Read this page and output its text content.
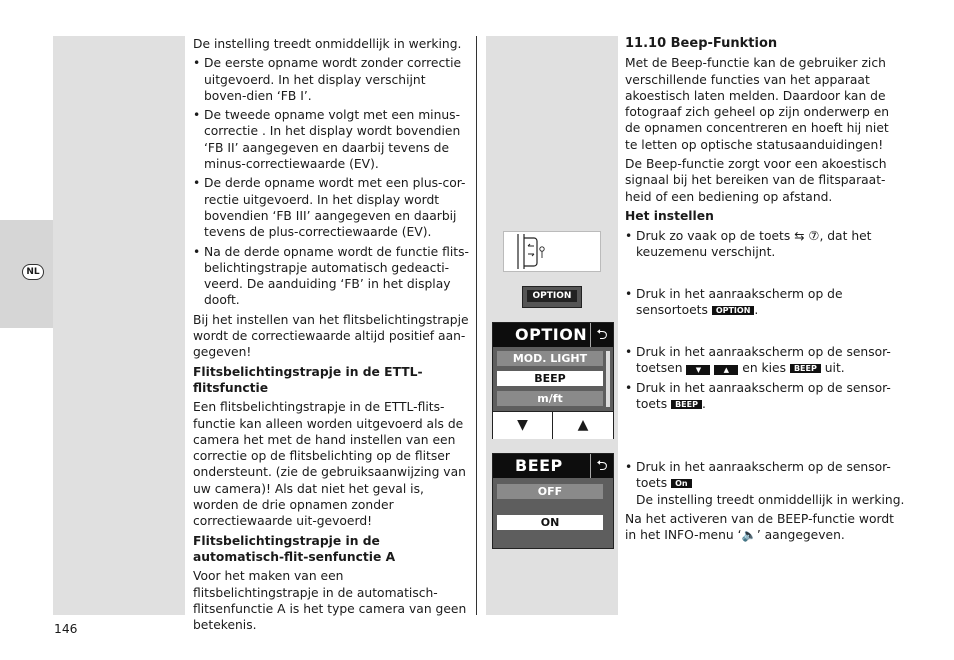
NL

De instelling treedt onmiddellijk in werking.

• De eerste opname wordt zonder correctie uitgevoerd. In het display verschijnt boven-dien ‘FB I’.
• De tweede opname volgt met een minus-correctie . In het display wordt bovendien ‘FB II’ aangegeven en daarbij tevens de minus-correctiewaarde (EV).
• De derde opname wordt met een plus-cor-rectie uitgevoerd. In het display wordt bovendien ‘FB III’ aangegeven en daarbij tevens de plus-correctiewaarde (EV).
• Na de derde opname wordt de functie flits-belichtingstrapje automatisch gedeacti-veerd. De aanduiding ‘FB’ in het display dooft.

Bij het instellen van het flitsbelichtingstrapje wordt de correctiewaarde altijd positief aan-gegeven!

Flitsbelichtingstrapje in de ETTL-flitsfunctie

Een flitsbelichtingstrapje in de ETTL-flits-functie kan alleen worden uitgevoerd als de camera het met de hand instellen van een correctie op de flitsbelichting op de flitser ondersteunt. (zie de gebruiksaanwijzing van uw camera)! Als dat niet het geval is, worden de drie opnamen zonder correctiewaarde uit-gevoerd!

Flitsbelichtingstrapje in de automatisch-flit-senfunctie A

Voor het maken van een flitsbelichtingstrapje in de automatisch-flitsenfunctie A is het type camera van geen betekenis.

OPTION
OPTION ⮌
MOD. LIGHT
BEEP
m/ft
▼	▲
BEEP	⮌
OFF
ON

11.10 Beep-Funktion

Met de Beep-functie kan de gebruiker zich verschillende functies van het apparaat akoestisch laten melden. Daardoor kan de fotograaf zich geheel op zijn onderwerp en de opnamen concentreren en hoeft hij niet te letten op optische statusaanduidingen!

De Beep-functie zorgt voor een akoestisch signaal bij het bereiken van de flitsparaat-heid of een bediening op afstand.

Het instellen

• Druk zo vaak op de toets ⇆ ⑦, dat het keuzemenu verschijnt.
• Druk in het aanraakscherm op de sensortoets OPTION .
• Druk in het aanraakscherm op de sensor-toetsen ▼	▲ en kies BEEP uit.
• Druk in het aanraakscherm op de sensor-toets BEEP .
• Druk in het aanraakscherm op de sensor-toets On
De instelling treedt onmiddellijk in werking.

Na het activeren van de BEEP-functie wordt in het INFO-menu ‘🔈’ aangegeven.

146
